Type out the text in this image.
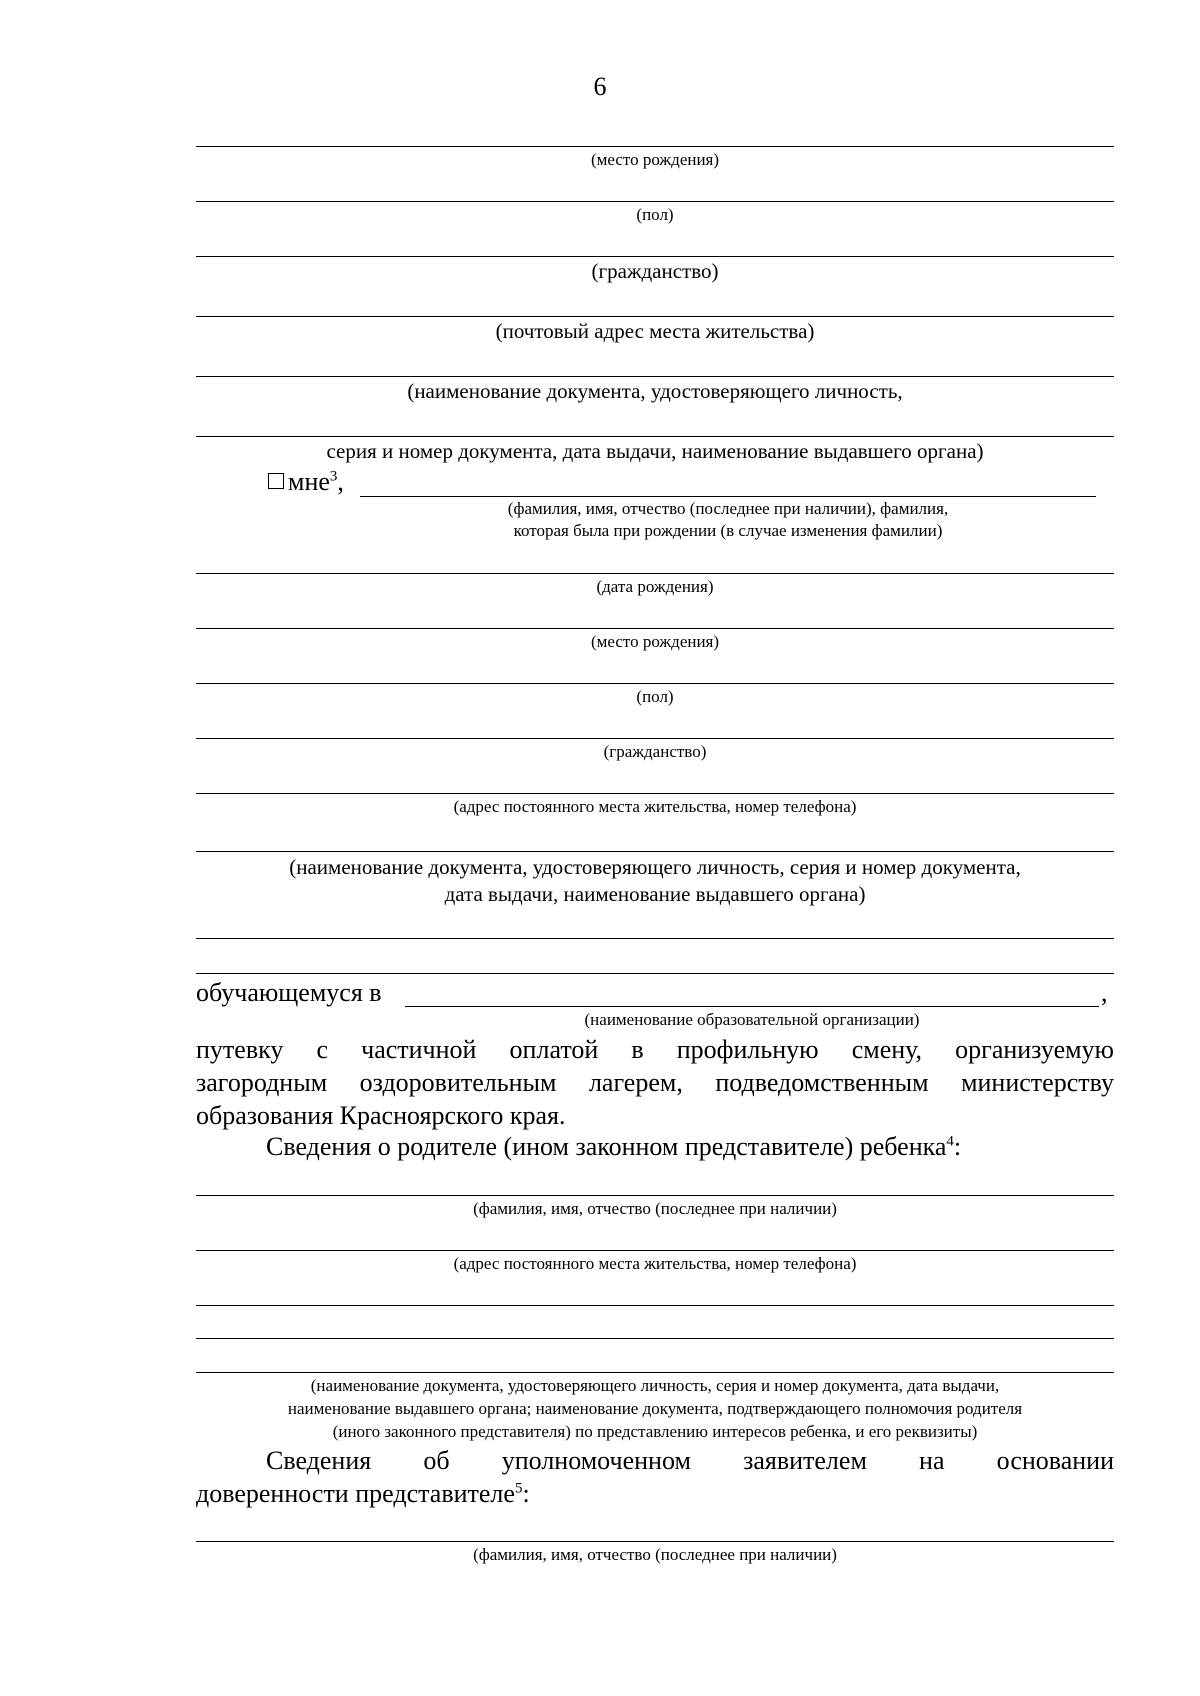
6
(место рождения)
(пол)
(гражданство)
(почтовый адрес места жительства)
(наименование документа, удостоверяющего личность,
серия и номер документа, дата выдачи, наименование выдавшего органа)
мне$^3$,
(фамилия, имя, отчество (последнее при наличии), фамилия,
которая была при рождении (в случае изменения фамилии)
(дата рождения)
(место рождения)
(пол)
(гражданство)
(адрес постоянного места жительства, номер телефона)
(наименование документа, удостоверяющего личность, серия и номер документа,
дата выдачи, наименование выдавшего органа)
обучающемуся в	,
(наименование образовательной организации)
путевку с частичной оплатой в профильную смену, организуемую
загородным оздоровительным лагерем, подведомственным министерству
образования Красноярского края.
Сведения о родителе (ином законном представителе) ребенка$^4$:
(фамилия, имя, отчество (последнее при наличии)
(адрес постоянного места жительства, номер телефона)
(наименование документа, удостоверяющего личность, серия и номер документа, дата выдачи,
наименование выдавшего органа; наименование документа, подтверждающего полномочия родителя
(иного законного представителя) по представлению интересов ребенка, и его реквизиты)
Сведения об уполномоченном заявителем на основании
доверенности представителе$^5$:
(фамилия, имя, отчество (последнее при наличии)
